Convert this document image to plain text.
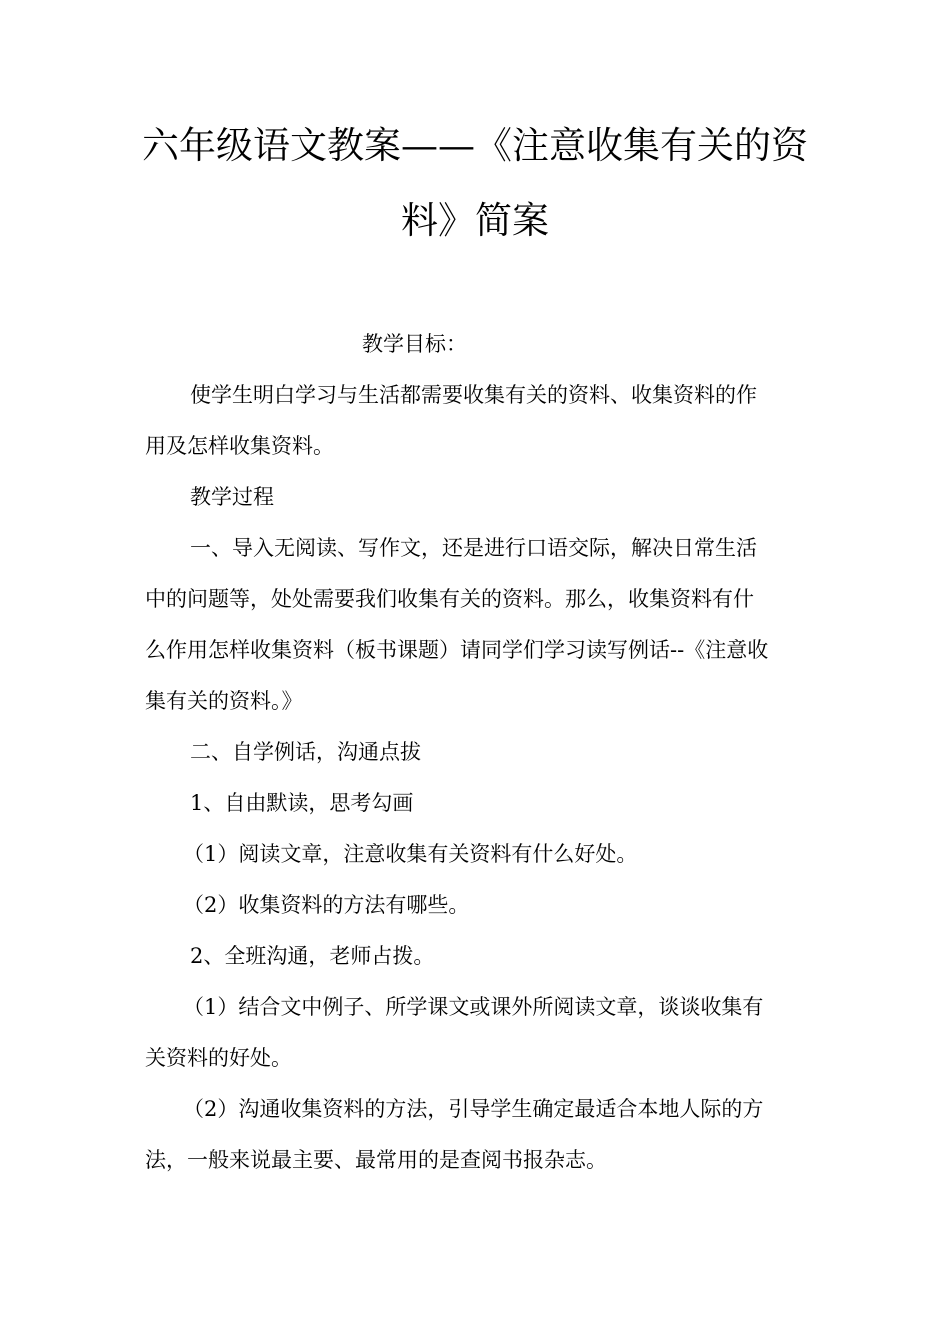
六年级语文教案——《注意收集有关的资
料》简案
教学目标：
使学生明白学习与生活都需要收集有关的资料、收集资料的作
用及怎样收集资料。
教学过程
一、导入无阅读、写作文，还是进行口语交际，解决日常生活
中的问题等，处处需要我们收集有关的资料。那么，收集资料有什
么作用怎样收集资料（板书课题）请同学们学习读写例话--《注意收
集有关的资料。》
二、自学例话，沟通点拔
1、自由默读，思考勾画
（1）阅读文章，注意收集有关资料有什么好处。
（2）收集资料的方法有哪些。
2、全班沟通，老师占拨。
（1）结合文中例子、所学课文或课外所阅读文章，谈谈收集有
关资料的好处。
（2）沟通收集资料的方法，引导学生确定最适合本地人际的方
法，一般来说最主要、最常用的是查阅书报杂志。
